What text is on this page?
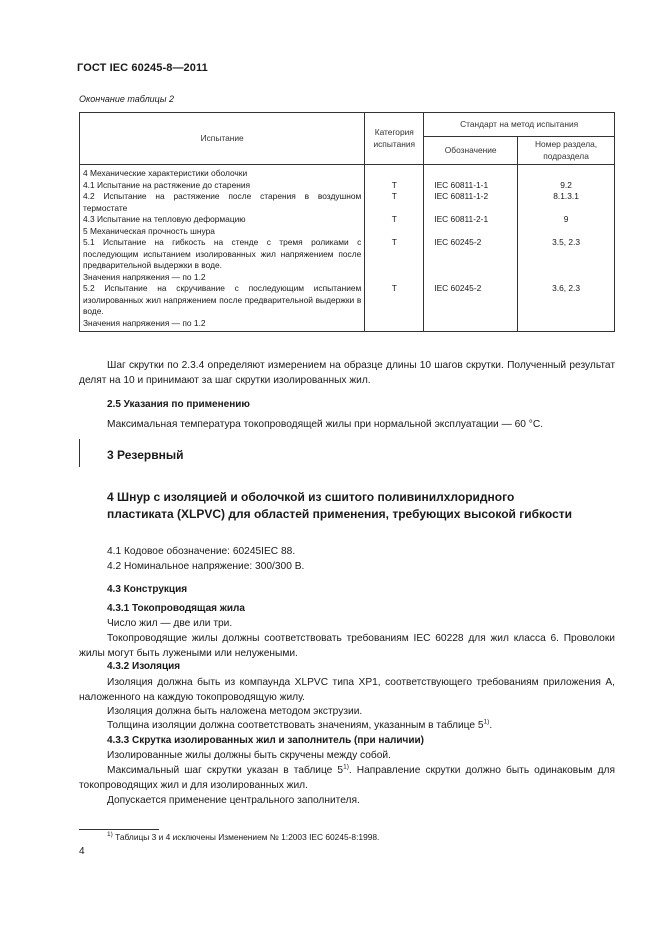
ГОСТ IEC 60245-8—2011
Окончание таблицы 2
Испытание	Категория испытания	Стандарт на метод испытания	
		Обозначение	Номер раздела, подраздела
4 Механические характеристики оболочки			
4.1 Испытание на растяжение до старения	Т	IEC 60811-1-1	9.2
4.2 Испытание на растяжение после старения в воздушном термостате	Т	IEC 60811-1-2	8.1.3.1
4.3 Испытание на тепловую деформацию	Т	IEC 60811-2-1	9
5 Механическая прочность шнура			
5.1 Испытание на гибкость на стенде с тремя роликами с последующим испытанием изолированных жил напряжением после предварительной выдержки в воде.	Т	IEC 60245-2	3.5, 2.3
Значения напряжения — по 1.2			
5.2 Испытание на скручивание с последующим испытанием изолированных жил напряжением после предварительной выдержки в воде.	Т	IEC 60245-2	3.6, 2.3
Значения напряжения — по 1.2			
Шаг скрутки по 2.3.4 определяют измерением на образце длины 10 шагов скрутки. Полученный результат делят на 10 и принимают за шаг скрутки изолированных жил.
2.5 Указания по применению
Максимальная температура токопроводящей жилы при нормальной эксплуатации — 60 °С.
3 Резервный
4 Шнур с изоляцией и оболочкой из сшитого поливинилхлоридного пластиката (XLPVC) для областей применения, требующих высокой гибкости
4.1 Кодовое обозначение: 60245IEC 88.
4.2 Номинальное напряжение: 300/300 В.
4.3 Конструкция
4.3.1 Токопроводящая жила
Число жил — две или три.
Токопроводящие жилы должны соответствовать требованиям IEC 60228 для жил класса 6. Проволоки жилы могут быть лужеными или нелужеными.
4.3.2 Изоляция
Изоляция должна быть из компаунда XLPVC типа ХР1, соответствующего требованиям приложения А, наложенного на каждую токопроводящую жилу.
Изоляция должна быть наложена методом экструзии.
Толщина изоляции должна соответствовать значениям, указанным в таблице 5$^{1)}$.
4.3.3 Скрутка изолированных жил и заполнитель (при наличии)
Изолированные жилы должны быть скручены между собой.
Максимальный шаг скрутки указан в таблице 5$^{1)}$. Направление скрутки должно быть одинаковым для токопроводящих жил и для изолированных жил.
Допускается применение центрального заполнителя.
$^{1)}$ Таблицы 3 и 4 исключены Изменением № 1:2003 IEC 60245-8:1998.
4
